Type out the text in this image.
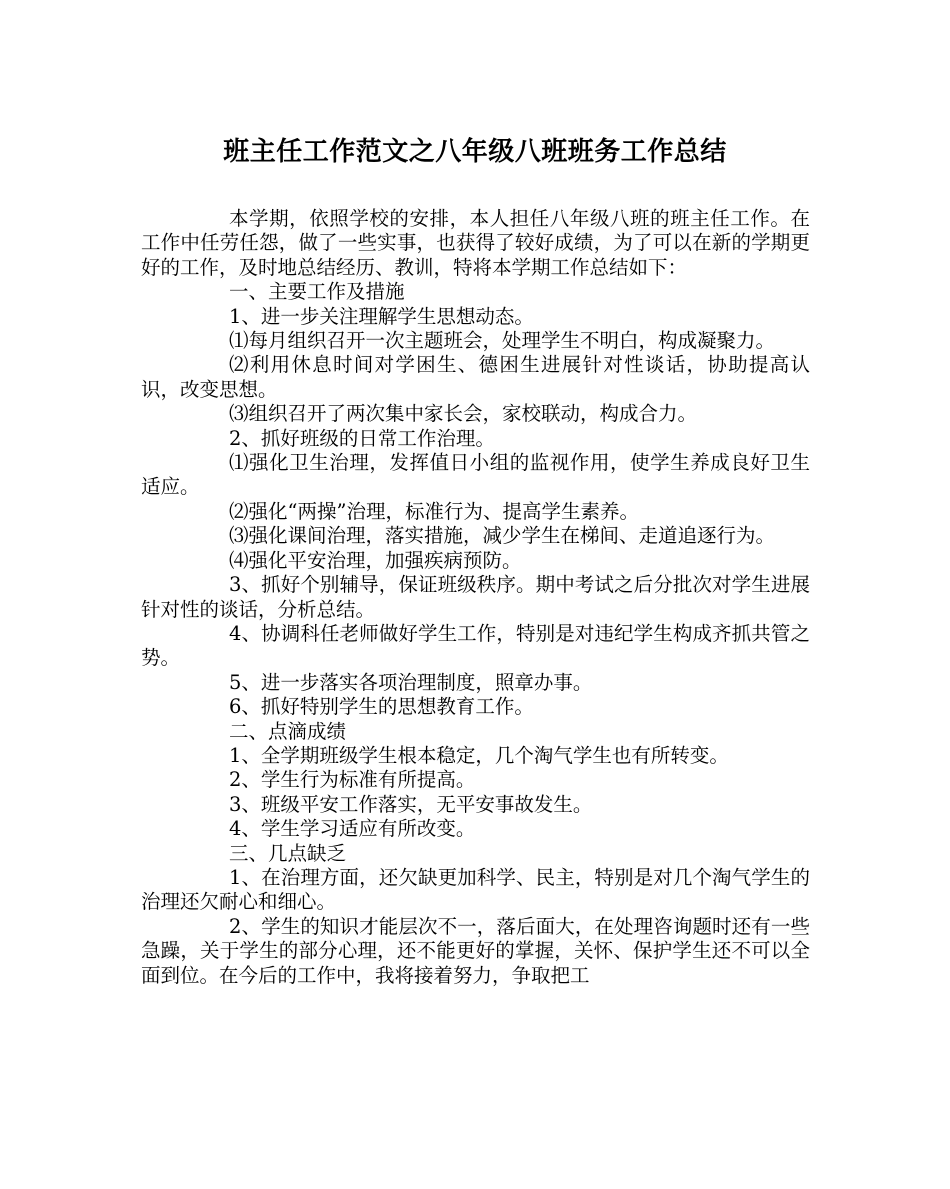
班主任工作范文之八年级八班班务工作总结

本学期，依照学校的安排，本人担任八年级八班的班主任工作。在工作中任劳任怨，做了一些实事，也获得了较好成绩，为了可以在新的学期更好的工作，及时地总结经历、教训，特将本学期工作总结如下：

一、主要工作及措施

1、进一步关注理解学生思想动态。

⑴每月组织召开一次主题班会，处理学生不明白，构成凝聚力。

⑵利用休息时间对学困生、德困生进展针对性谈话，协助提高认识，改变思想。

⑶组织召开了两次集中家长会，家校联动，构成合力。

2、抓好班级的日常工作治理。

⑴强化卫生治理，发挥值日小组的监视作用，使学生养成良好卫生适应。

⑵强化“两操”治理，标准行为、提高学生素养。

⑶强化课间治理，落实措施，减少学生在梯间、走道追逐行为。

⑷强化平安治理，加强疾病预防。

3、抓好个别辅导，保证班级秩序。期中考试之后分批次对学生进展针对性的谈话，分析总结。

4、协调科任老师做好学生工作，特别是对违纪学生构成齐抓共管之势。

5、进一步落实各项治理制度，照章办事。

6、抓好特别学生的思想教育工作。

二、点滴成绩

1、全学期班级学生根本稳定，几个淘气学生也有所转变。

2、学生行为标准有所提高。

3、班级平安工作落实，无平安事故发生。

4、学生学习适应有所改变。

三、几点缺乏

1、在治理方面，还欠缺更加科学、民主，特别是对几个淘气学生的治理还欠耐心和细心。

2、学生的知识才能层次不一，落后面大，在处理咨询题时还有一些急躁，关于学生的部分心理，还不能更好的掌握，关怀、保护学生还不可以全面到位。在今后的工作中，我将接着努力，争取把工
